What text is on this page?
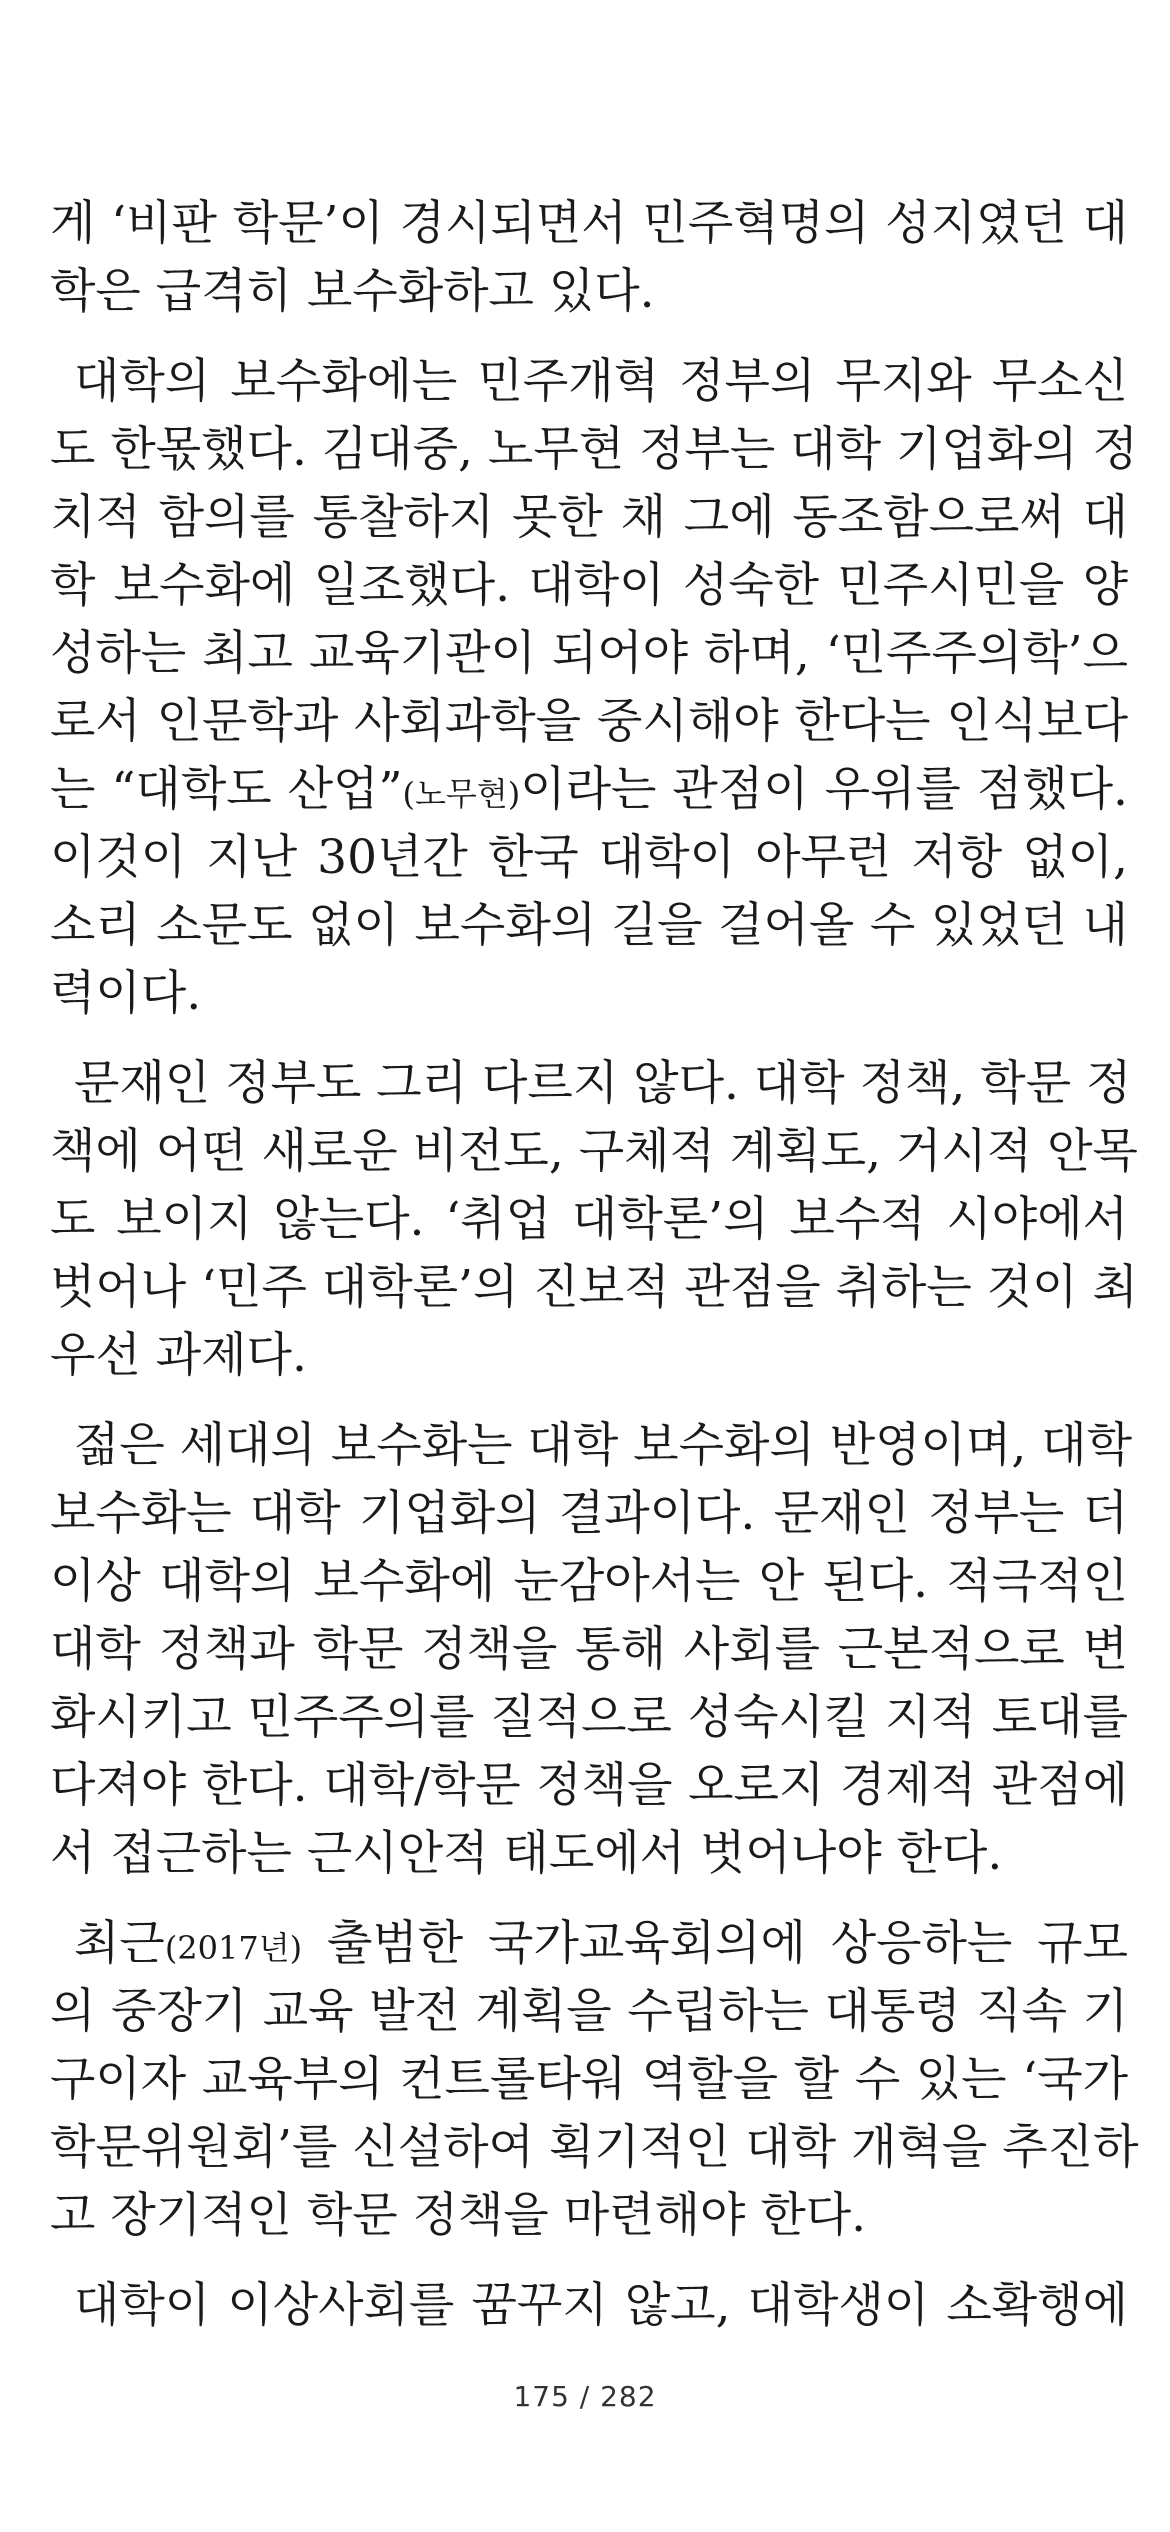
게 ‘비판 학문’이 경시되면서 민주혁명의 성지였던 대
학은 급격히 보수화하고 있다.

대학의 보수화에는 민주개혁 정부의 무지와 무소신
도 한몫했다. 김대중, 노무현 정부는 대학 기업화의 정
치적 함의를 통찰하지 못한 채 그에 동조함으로써 대
학 보수화에 일조했다. 대학이 성숙한 민주시민을 양
성하는 최고 교육기관이 되어야 하며, ‘민주주의학’으
로서 인문학과 사회과학을 중시해야 한다는 인식보다
는 “대학도 산업”(노무현)이라는 관점이 우위를 점했다.
이것이 지난 30년간 한국 대학이 아무런 저항 없이,
소리 소문도 없이 보수화의 길을 걸어올 수 있었던 내
력이다.

문재인 정부도 그리 다르지 않다. 대학 정책, 학문 정
책에 어떤 새로운 비전도, 구체적 계획도, 거시적 안목
도 보이지 않는다. ‘취업 대학론’의 보수적 시야에서
벗어나 ‘민주 대학론’의 진보적 관점을 취하는 것이 최
우선 과제다.

젊은 세대의 보수화는 대학 보수화의 반영이며, 대학
보수화는 대학 기업화의 결과이다. 문재인 정부는 더
이상 대학의 보수화에 눈감아서는 안 된다. 적극적인
대학 정책과 학문 정책을 통해 사회를 근본적으로 변
화시키고 민주주의를 질적으로 성숙시킬 지적 토대를
다져야 한다. 대학/학문 정책을 오로지 경제적 관점에
서 접근하는 근시안적 태도에서 벗어나야 한다.

최근(2017년) 출범한 국가교육회의에 상응하는 규모
의 중장기 교육 발전 계획을 수립하는 대통령 직속 기
구이자 교육부의 컨트롤타워 역할을 할 수 있는 ‘국가
학문위원회’를 신설하여 획기적인 대학 개혁을 추진하
고 장기적인 학문 정책을 마련해야 한다.

대학이 이상사회를 꿈꾸지 않고, 대학생이 소확행에

175 / 282
